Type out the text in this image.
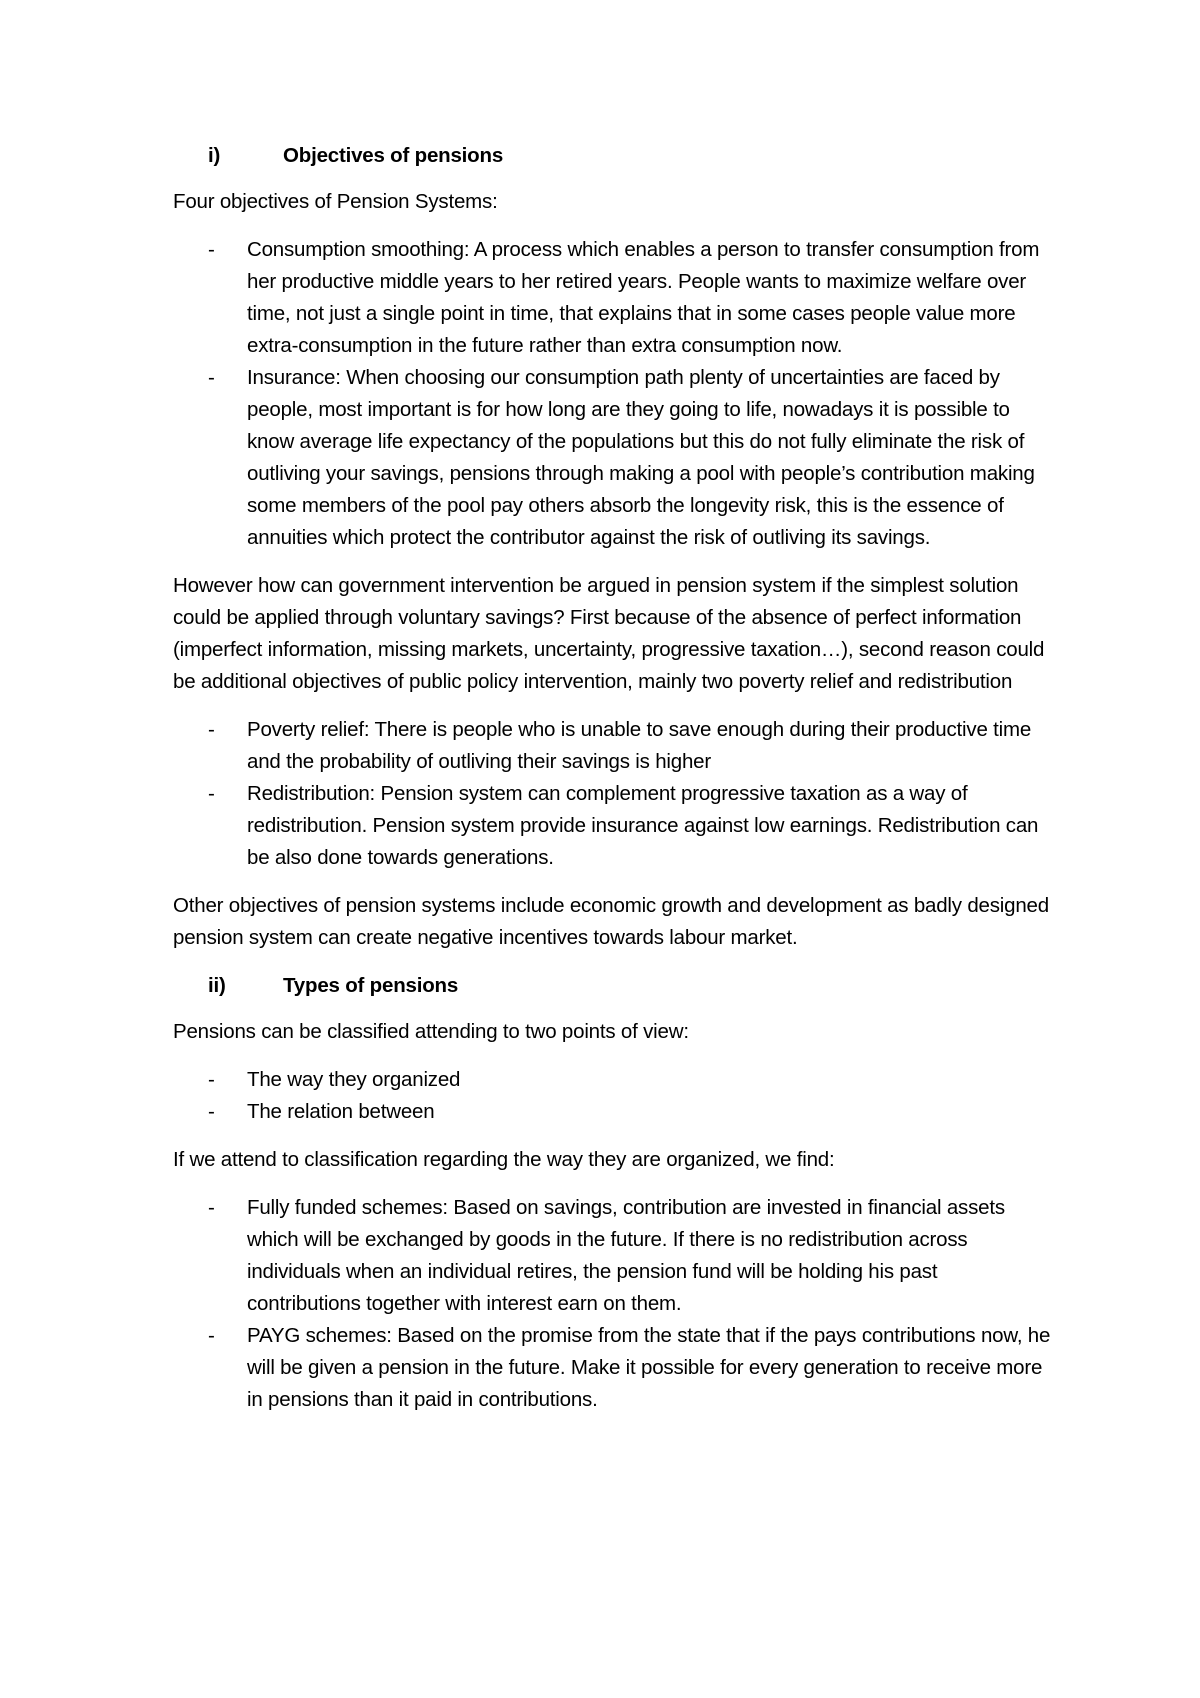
i)	Objectives of pensions

Four objectives of Pension Systems:

- Consumption smoothing: A process which enables a person to transfer consumption from her productive middle years to her retired years. People wants to maximize welfare over time, not just a single point in time, that explains that in some cases people value more extra-consumption in the future rather than extra consumption now.
- Insurance: When choosing our consumption path plenty of uncertainties are faced by people, most important is for how long are they going to life, nowadays it is possible to know average life expectancy of the populations but this do not fully eliminate the risk of outliving your savings, pensions through making a pool with people’s contribution making some members of the pool pay others absorb the longevity risk, this is the essence of annuities which protect the contributor against the risk of outliving its savings.

However how can government intervention be argued in pension system if the simplest solution could be applied through voluntary savings? First because of the absence of perfect information (imperfect information, missing markets, uncertainty, progressive taxation…), second reason could be additional objectives of public policy intervention, mainly two poverty relief and redistribution

- Poverty relief: There is people who is unable to save enough during their productive time and the probability of outliving their savings is higher
- Redistribution: Pension system can complement progressive taxation as a way of redistribution. Pension system provide insurance against low earnings. Redistribution can be also done towards generations.

Other objectives of pension systems include economic growth and development as badly designed pension system can create negative incentives towards labour market.

ii)	Types of pensions

Pensions can be classified attending to two points of view:

- The way they organized
- The relation between

If we attend to classification regarding the way they are organized, we find:

- Fully funded schemes: Based on savings, contribution are invested in financial assets which will be exchanged by goods in the future. If there is no redistribution across individuals when an individual retires, the pension fund will be holding his past contributions together with interest earn on them.
- PAYG schemes: Based on the promise from the state that if the pays contributions now, he will be given a pension in the future. Make it possible for every generation to receive more in pensions than it paid in contributions.
